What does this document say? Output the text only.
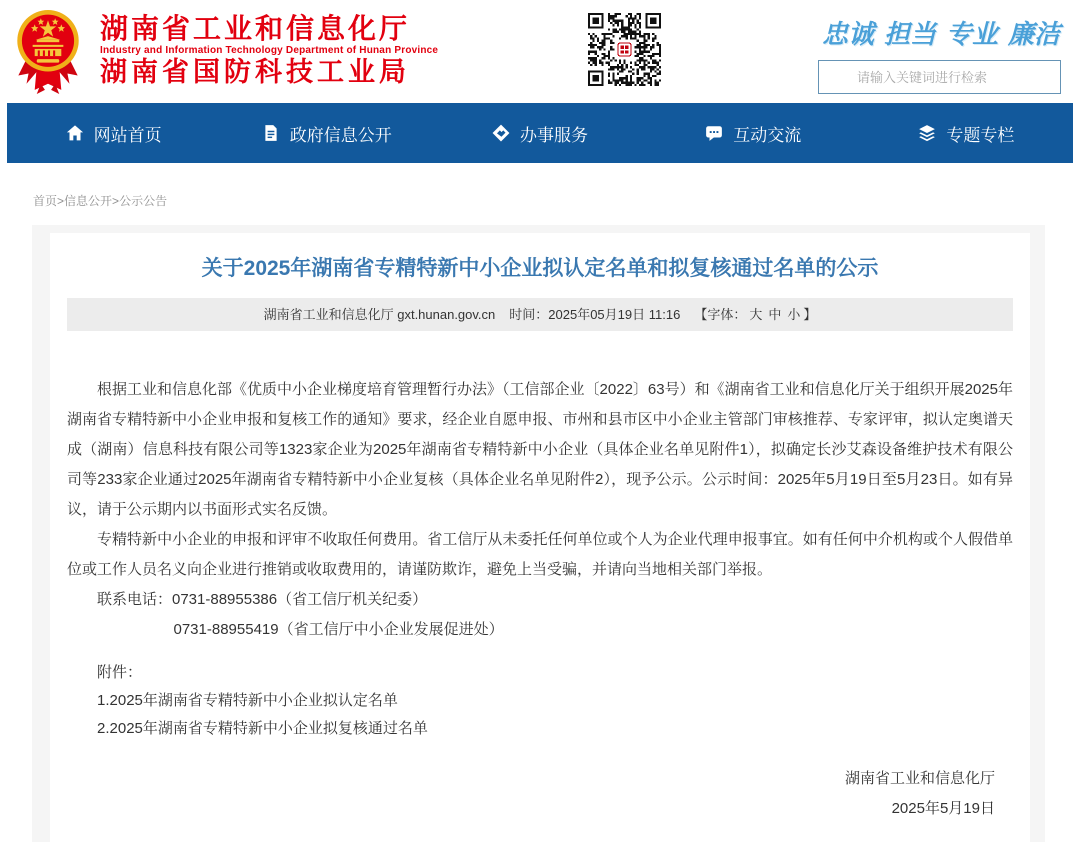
湖南省工业和信息化厅
Industry and Information Technology Department of Hunan Province
湖南省国防科技工业局
忠诚 担当 专业 廉洁
请输入关键词进行检索
网站首页	政府信息公开	办事服务	互动交流	专题专栏
首页>信息公开>公示公告
关于2025年湖南省专精特新中小企业拟认定名单和拟复核通过名单的公示
湖南省工业和信息化厅 gxt.hunan.gov.cn 时间：2025年05月19日 11:16 【字体： 大 中 小 】

根据工业和信息化部《优质中小企业梯度培育管理暂行办法》（工信部企业〔2022〕63号）和《湖南省工业和信息化厅关于组织开展2025年湖南省专精特新中小企业申报和复核工作的通知》要求，经企业自愿申报、市州和县市区中小企业主管部门审核推荐、专家评审，拟认定奥谱天成（湖南）信息科技有限公司等1323家企业为2025年湖南省专精特新中小企业（具体企业名单见附件1），拟确定长沙艾森设备维护技术有限公司等233家企业通过2025年湖南省专精特新中小企业复核（具体企业名单见附件2），现予公示。公示时间：2025年5月19日至5月23日。如有异议，请于公示期内以书面形式实名反馈。

专精特新中小企业的申报和评审不收取任何费用。省工信厅从未委托任何单位或个人为企业代理申报事宜。如有任何中介机构或个人假借单位或工作人员名义向企业进行推销或收取费用的，请谨防欺诈，避免上当受骗，并请向当地相关部门举报。

联系电话：0731-88955386（省工信厅机关纪委）

0731-88955419（省工信厅中小企业发展促进处）

附件：

1.2025年湖南省专精特新中小企业拟认定名单

2.2025年湖南省专精特新中小企业拟复核通过名单

湖南省工业和信息化厅
2025年5月19日
